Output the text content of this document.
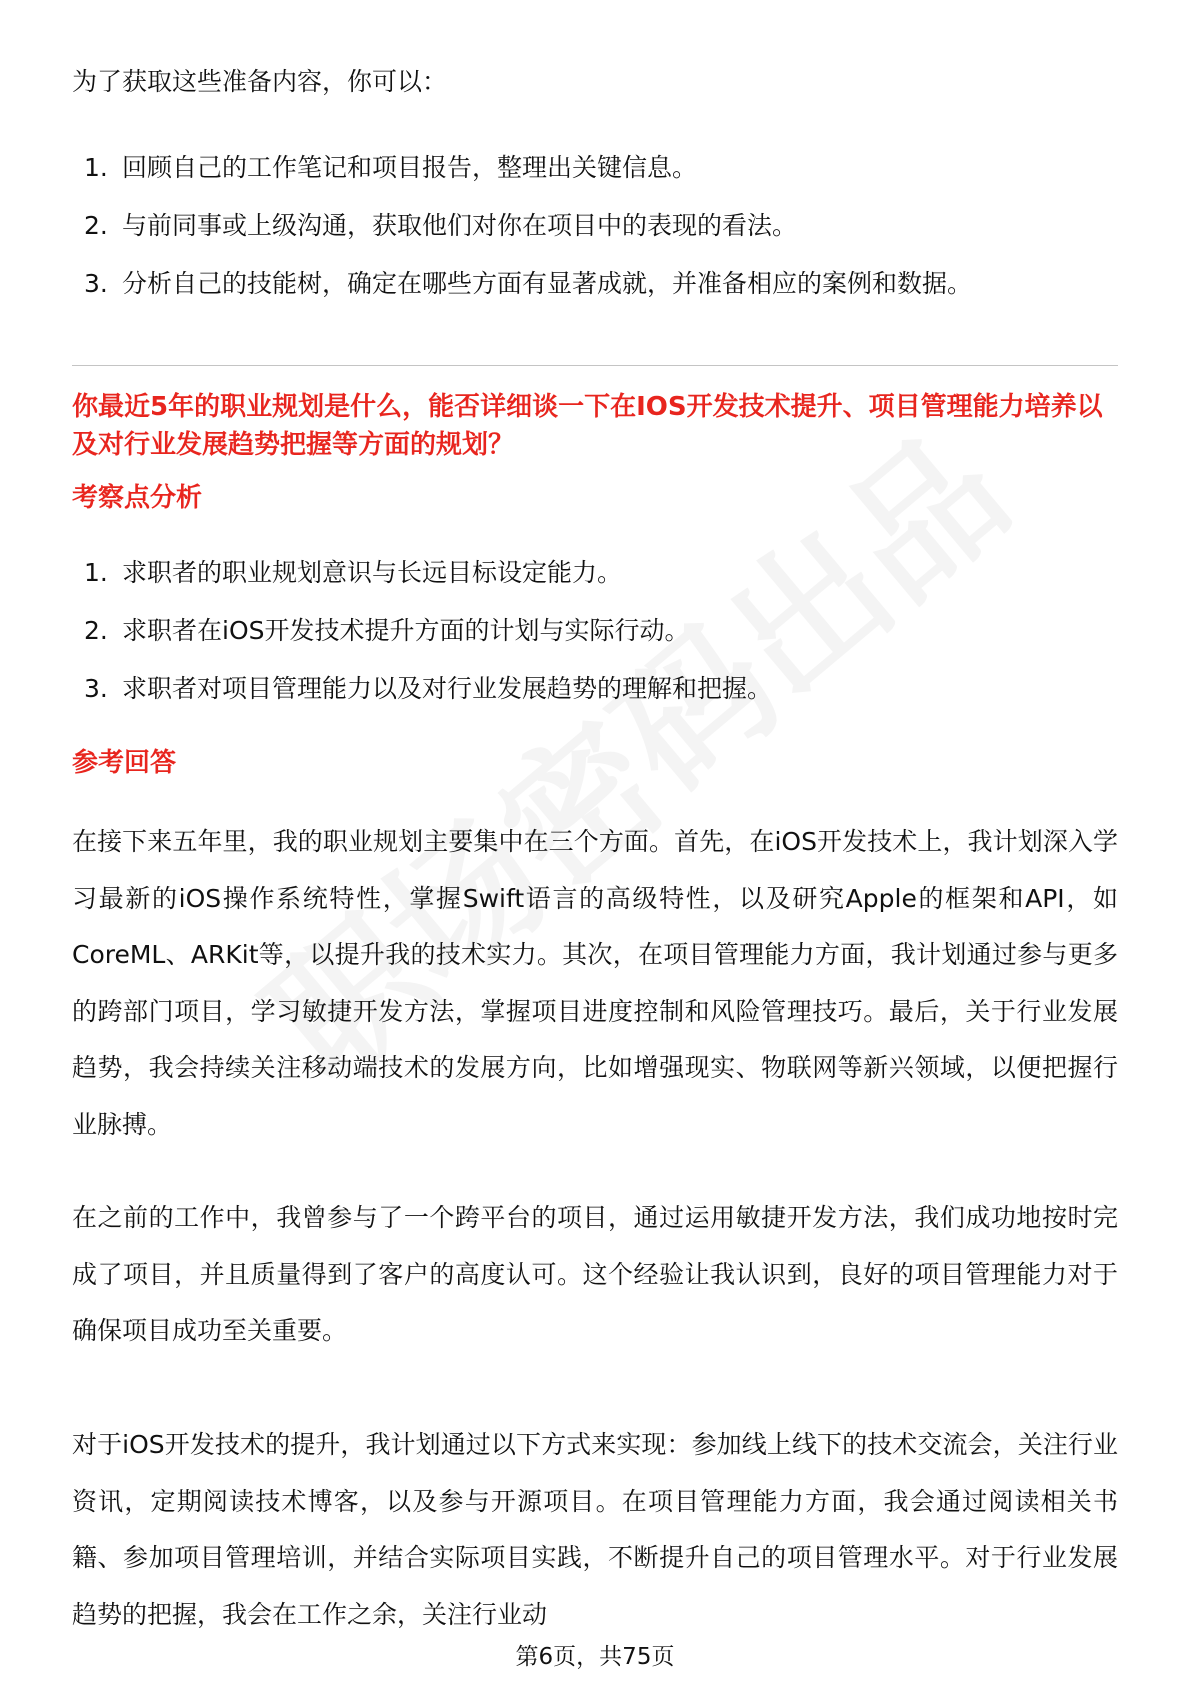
为了获取这些准备内容，你可以：

1. 回顾自己的工作笔记和项目报告，整理出关键信息。
2. 与前同事或上级沟通，获取他们对你在项目中的表现的看法。
3. 分析自己的技能树，确定在哪些方面有显著成就，并准备相应的案例和数据。
你最近5年的职业规划是什么，能否详细谈一下在IOS开发技术提升、项目管理能力培养以及对行业发展趋势把握等方面的规划？
考察点分析
1. 求职者的职业规划意识与长远目标设定能力。
2. 求职者在iOS开发技术提升方面的计划与实际行动。
3. 求职者对项目管理能力以及对行业发展趋势的理解和把握。
参考回答

在接下来五年里，我的职业规划主要集中在三个方面。首先，在iOS开发技术上，我计划深入学习最新的iOS操作系统特性，掌握Swift语言的高级特性，以及研究Apple的框架和API，如CoreML、ARKit等，以提升我的技术实力。其次，在项目管理能力方面，我计划通过参与更多的跨部门项目，学习敏捷开发方法，掌握项目进度控制和风险管理技巧。最后，关于行业发展趋势，我会持续关注移动端技术的发展方向，比如增强现实、物联网等新兴领域，以便把握行业脉搏。

在之前的工作中，我曾参与了一个跨平台的项目，通过运用敏捷开发方法，我们成功地按时完成了项目，并且质量得到了客户的高度认可。这个经验让我认识到，良好的项目管理能力对于确保项目成功至关重要。

对于iOS开发技术的提升，我计划通过以下方式来实现：参加线上线下的技术交流会，关注行业资讯，定期阅读技术博客，以及参与开源项目。在项目管理能力方面，我会通过阅读相关书籍、参加项目管理培训，并结合实际项目实践，不断提升自己的项目管理水平。对于行业发展趋势的把握，我会在工作之余，关注行业动

第6页，共75页
